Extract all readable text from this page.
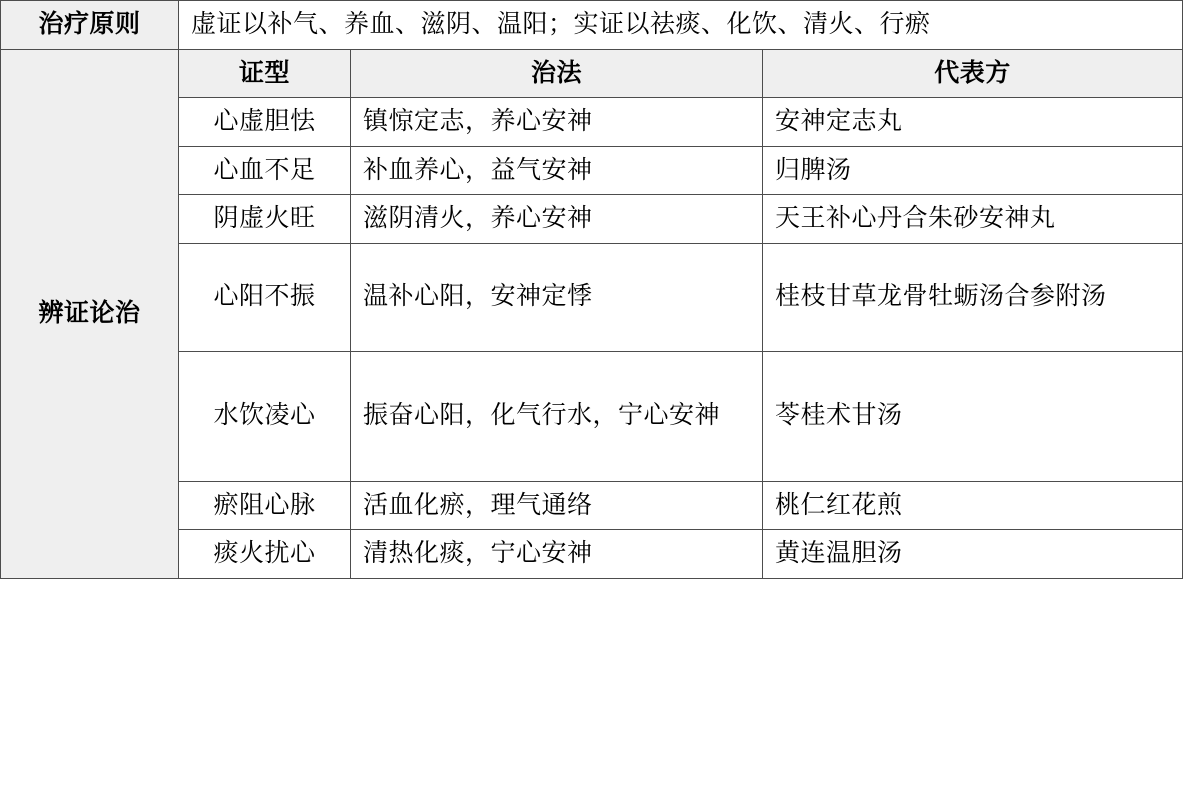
治疗原则	虚证以补气、养血、滋阴、温阳；实证以祛痰、化饮、清火、行瘀		
辨证论治	证型	治法	代表方
	心虚胆怯	镇惊定志，养心安神	安神定志丸
	心血不足	补血养心，益气安神	归脾汤
	阴虚火旺	滋阴清火，养心安神	天王补心丹合朱砂安神丸
	心阳不振	温补心阳，安神定悸	桂枝甘草龙骨牡蛎汤合参附汤
	水饮凌心	振奋心阳，化气行水，宁心安神	苓桂术甘汤
	瘀阻心脉	活血化瘀，理气通络	桃仁红花煎
	痰火扰心	清热化痰，宁心安神	黄连温胆汤
